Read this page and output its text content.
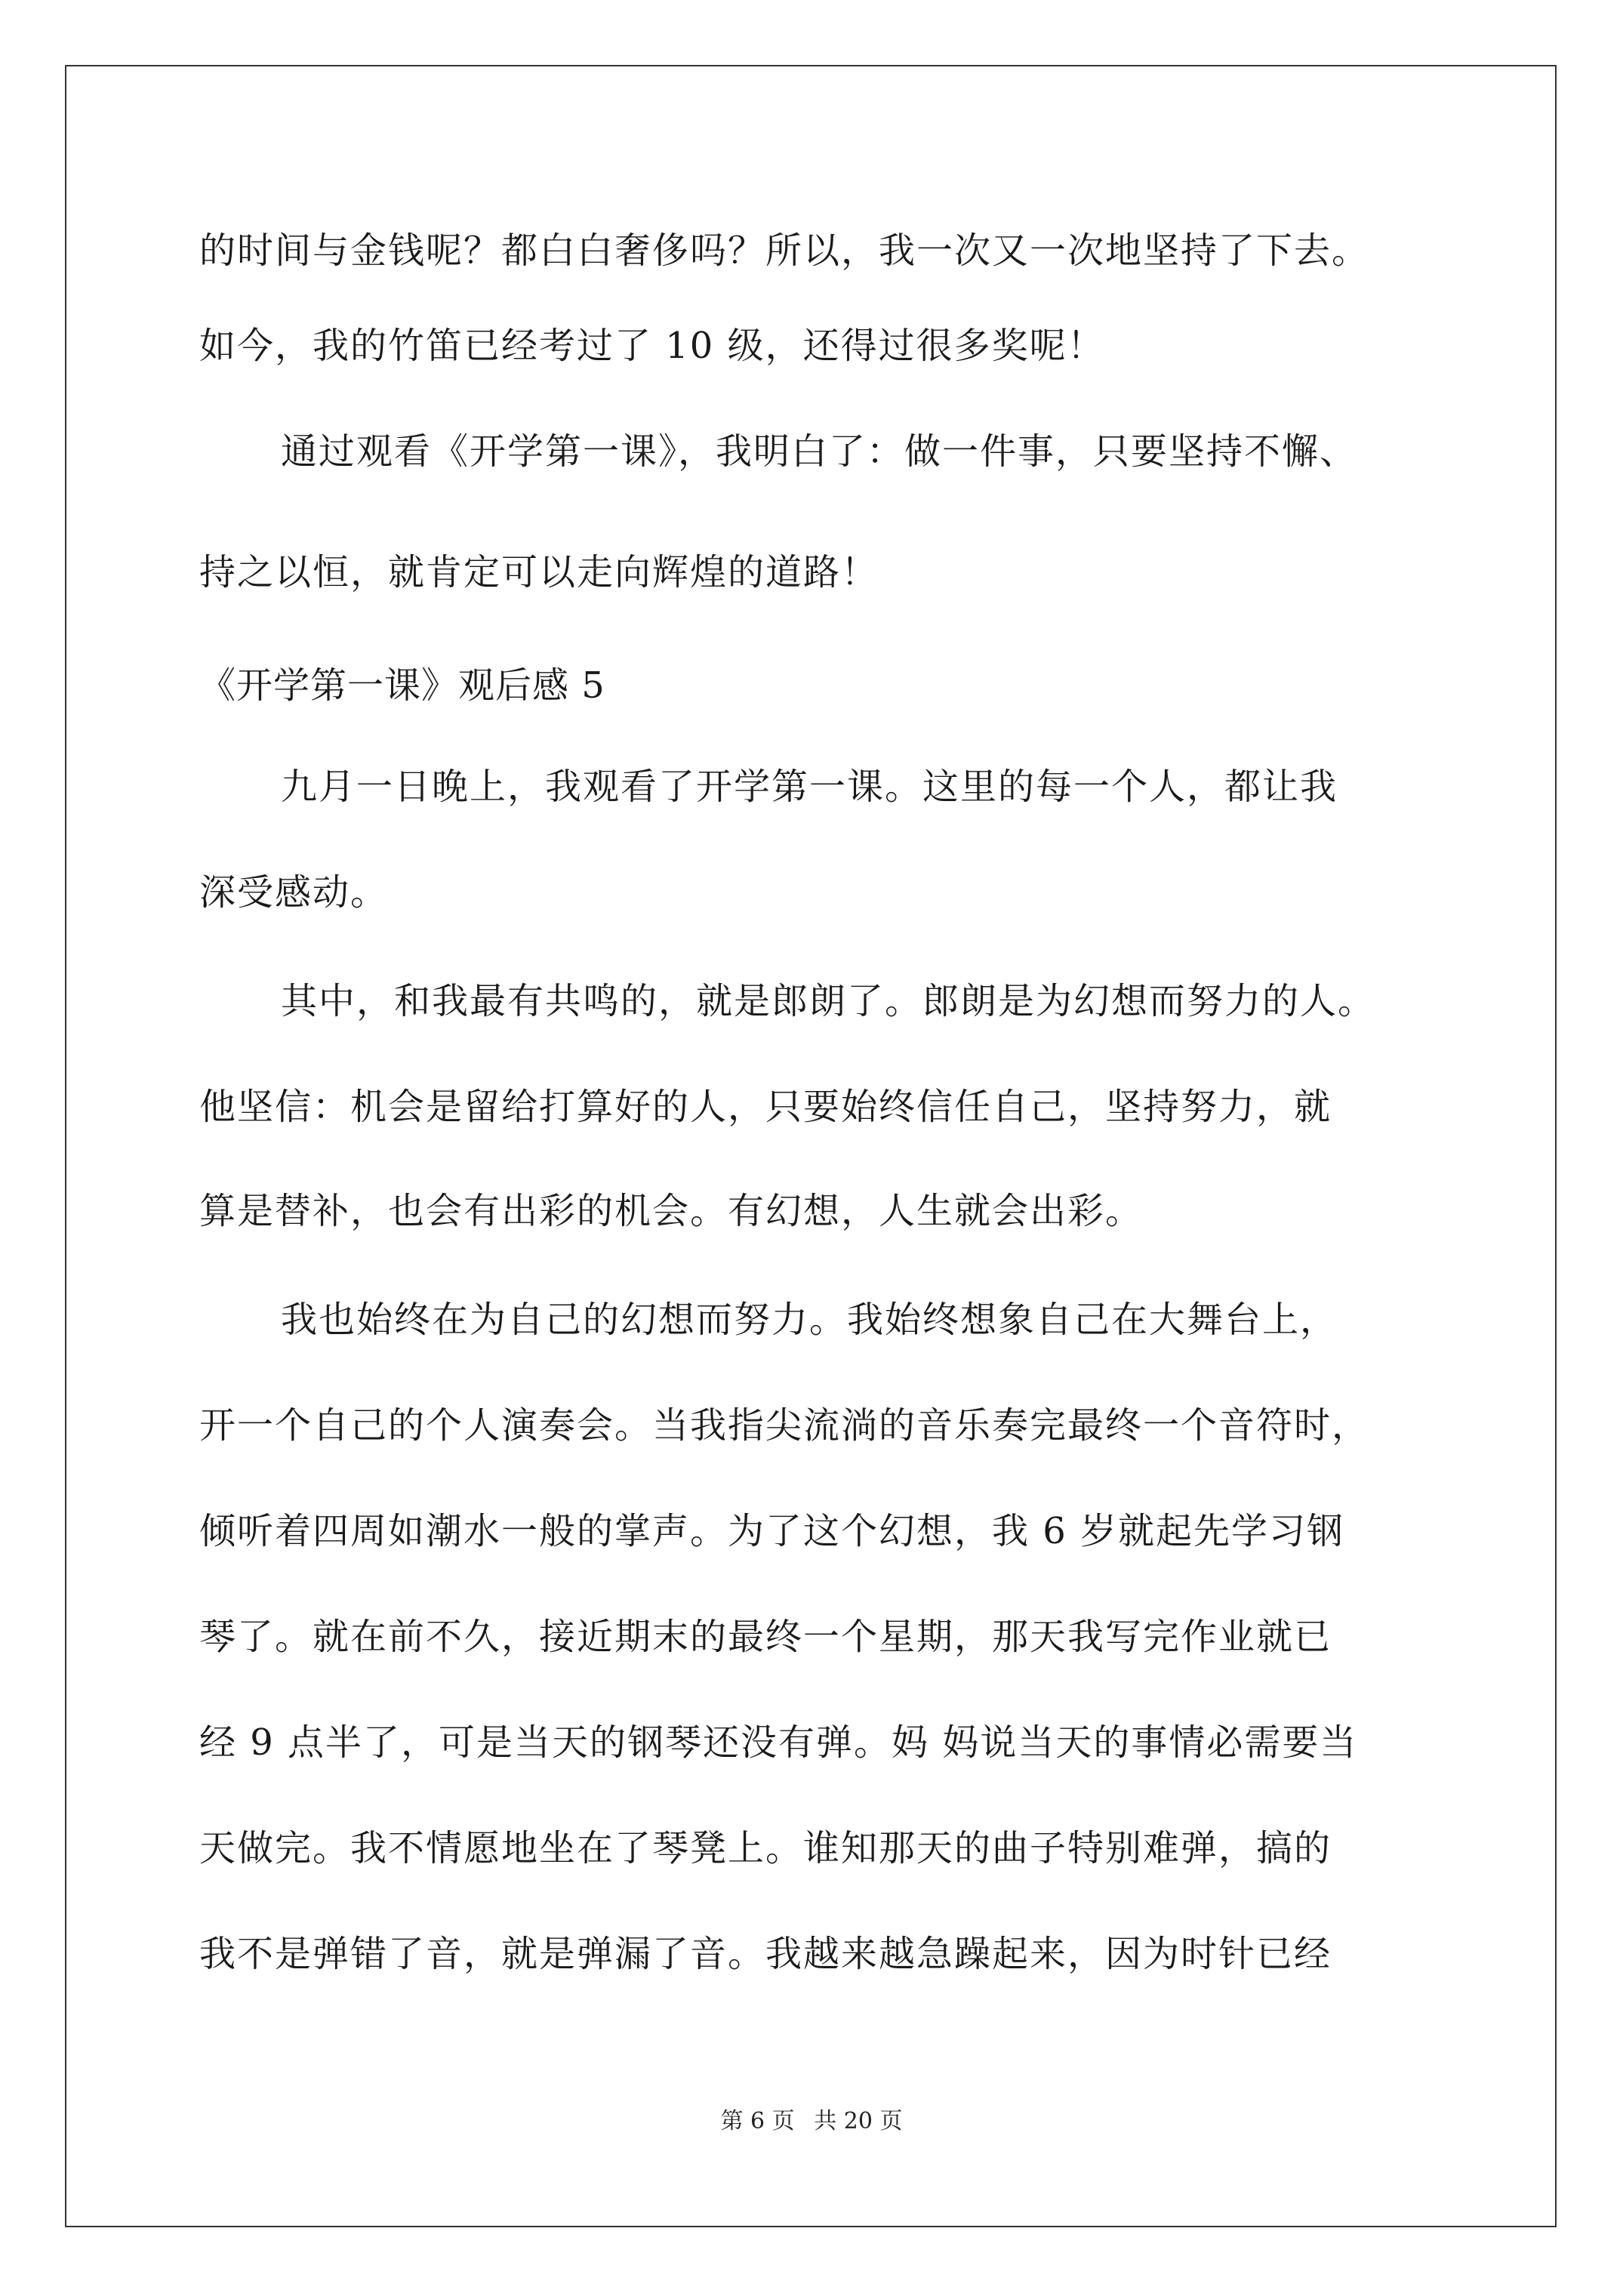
的时间与金钱呢？都白白奢侈吗？所以，我一次又一次地坚持了下去。
如今，我的竹笛已经考过了 10 级，还得过很多奖呢！
通过观看《开学第一课》，我明白了：做一件事，只要坚持不懈、
持之以恒，就肯定可以走向辉煌的道路！
《开学第一课》观后感 5
九月一日晚上，我观看了开学第一课。这里的每一个人，都让我
深受感动。
其中，和我最有共鸣的，就是郎朗了。郎朗是为幻想而努力的人。
他坚信：机会是留给打算好的人，只要始终信任自己，坚持努力，就
算是替补，也会有出彩的机会。有幻想，人生就会出彩。
我也始终在为自己的幻想而努力。我始终想象自己在大舞台上，
开一个自己的个人演奏会。当我指尖流淌的音乐奏完最终一个音符时，
倾听着四周如潮水一般的掌声。为了这个幻想，我 6 岁就起先学习钢
琴了。就在前不久，接近期末的最终一个星期，那天我写完作业就已
经 9 点半了，可是当天的钢琴还没有弹。妈 妈说当天的事情必需要当
天做完。我不情愿地坐在了琴凳上。谁知那天的曲子特别难弹，搞的
我不是弹错了音，就是弹漏了音。我越来越急躁起来，因为时针已经
第 6 页 共 20 页
